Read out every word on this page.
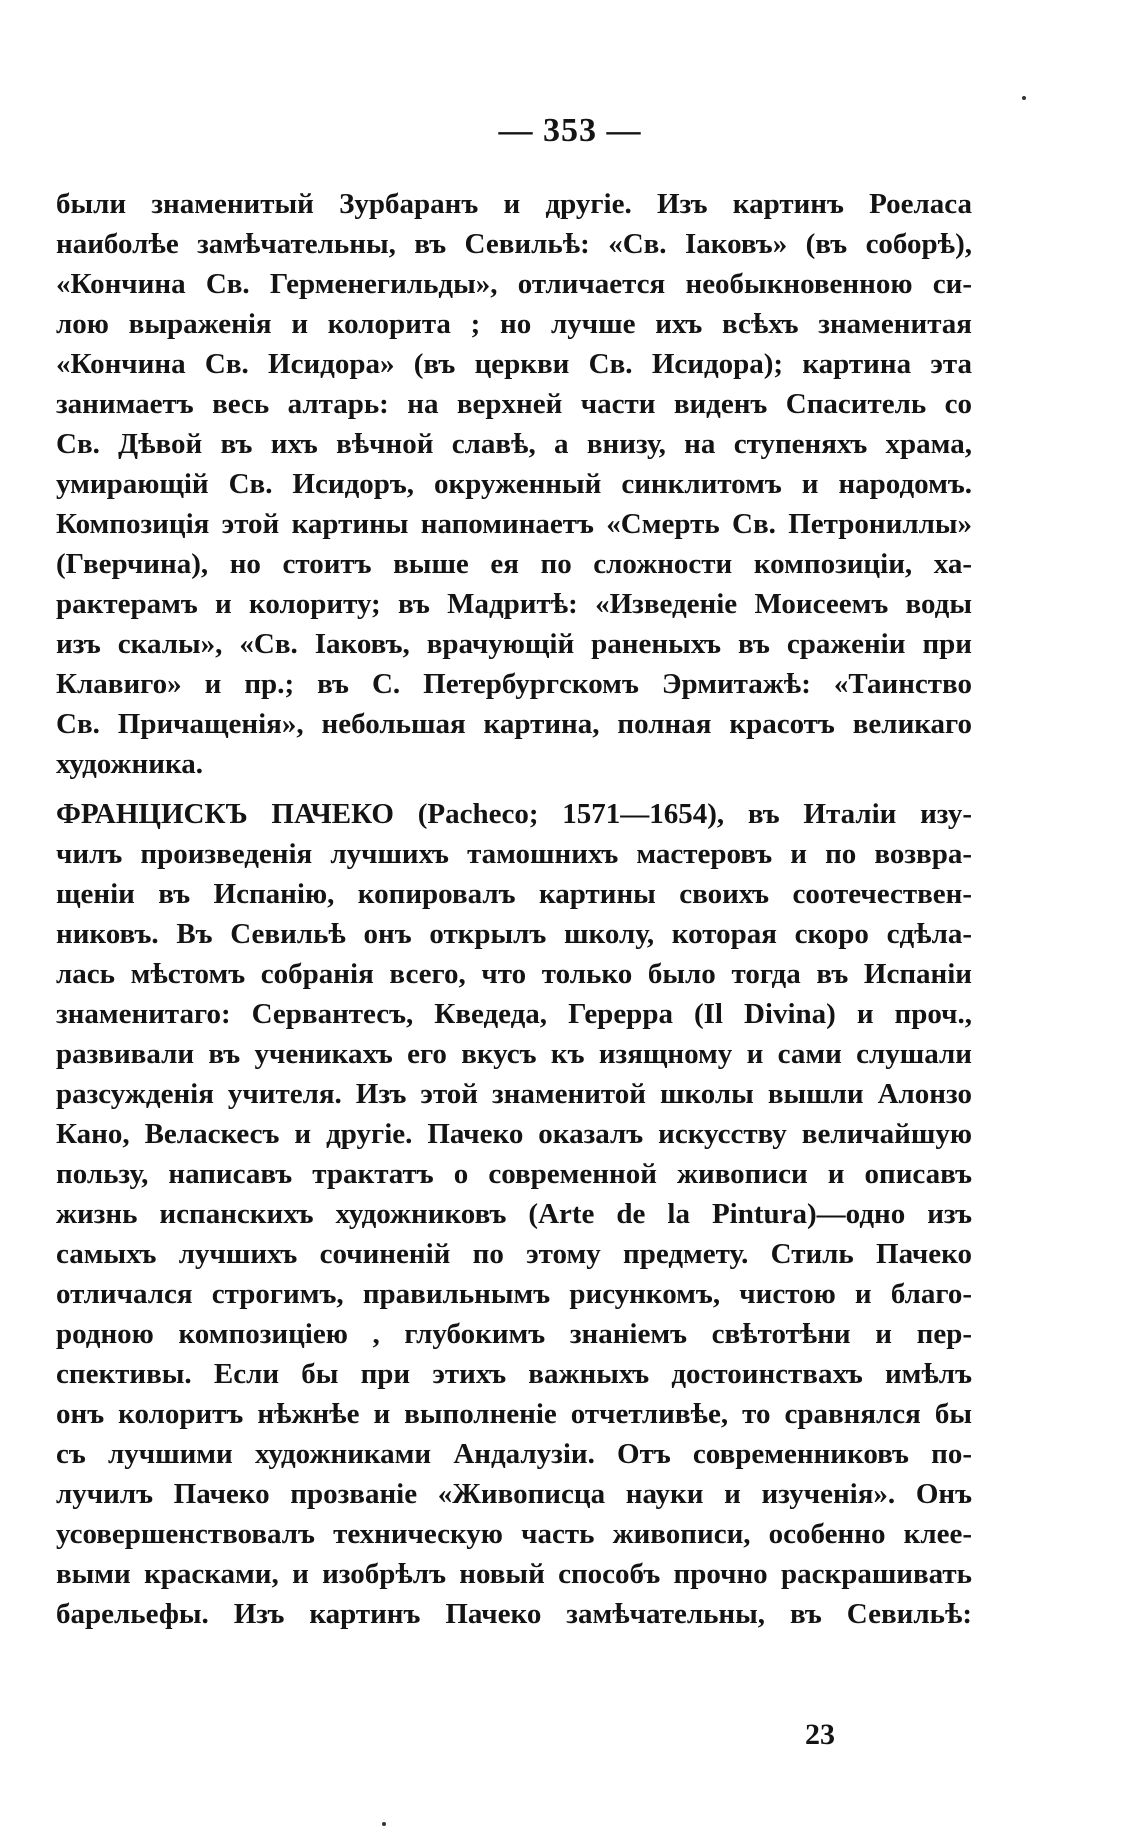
— 353 —
были знаменитый Зурбаранъ и другіе. Изъ картинъ Роеласа
наиболѣе замѣчательны, въ Севильѣ: «Св. Іаковъ» (въ соборѣ),
«Кончина Св. Герменегильды», отличается необыкновенною си-
лою выраженія и колорита ; но лучше ихъ всѣхъ знаменитая
«Кончина Св. Исидора» (въ церкви Св. Исидора); картина эта
занимаетъ весь алтарь: на верхней части виденъ Спаситель со
Св. Дѣвой въ ихъ вѣчной славѣ, а внизу, на ступеняхъ храма,
умирающій Св. Исидоръ, окруженный синклитомъ и народомъ.
Композиція этой картины напоминаетъ «Смерть Св. Петрониллы»
(Гверчина), но стоитъ выше ея по сложности композиціи, ха-
рактерамъ и колориту; въ Мадритѣ: «Изведеніе Моисеемъ воды
изъ скалы», «Св. Іаковъ, врачующій раненыхъ въ сраженіи при
Клавиго» и пр.; въ С. Петербургскомъ Эрмитажѣ: «Таинство
Св. Причащенія», небольшая картина, полная красотъ великаго
художника.
ФРАНЦИСКЪ ПАЧЕКО (Pacheco; 1571—1654), въ Италіи изу-
чилъ произведенія лучшихъ тамошнихъ мастеровъ и по возвра-
щеніи въ Испанію, копировалъ картины своихъ соотечествен-
никовъ. Въ Севильѣ онъ открылъ школу, которая скоро сдѣла-
лась мѣстомъ собранія всего, что только было тогда въ Испаніи
знаменитаго: Сервантесъ, Кведеда, Герерра (Il Divina) и проч.,
развивали въ ученикахъ его вкусъ къ изящному и сами слушали
разсужденія учителя. Изъ этой знаменитой школы вышли Алонзо
Кано, Веласкесъ и другіе. Пачеко оказалъ искусству величайшую
пользу, написавъ трактатъ о современной живописи и описавъ
жизнь испанскихъ художниковъ (Arte de la Pintura)—одно изъ
самыхъ лучшихъ сочиненій по этому предмету. Стиль Пачеко
отличался строгимъ, правильнымъ рисункомъ, чистою и благо-
родною композиціею , глубокимъ знаніемъ свѣтотѣни и пер-
спективы. Если бы при этихъ важныхъ достоинствахъ имѣлъ
онъ колоритъ нѣжнѣе и выполненіе отчетливѣе, то сравнялся бы
съ лучшими художниками Андалузіи. Отъ современниковъ по-
лучилъ Пачеко прозваніе «Живописца науки и изученія». Онъ
усовершенствовалъ техническую часть живописи, особенно клее-
выми красками, и изобрѣлъ новый способъ прочно раскрашивать
барельефы. Изъ картинъ Пачеко замѣчательны, въ Севильѣ:
23
